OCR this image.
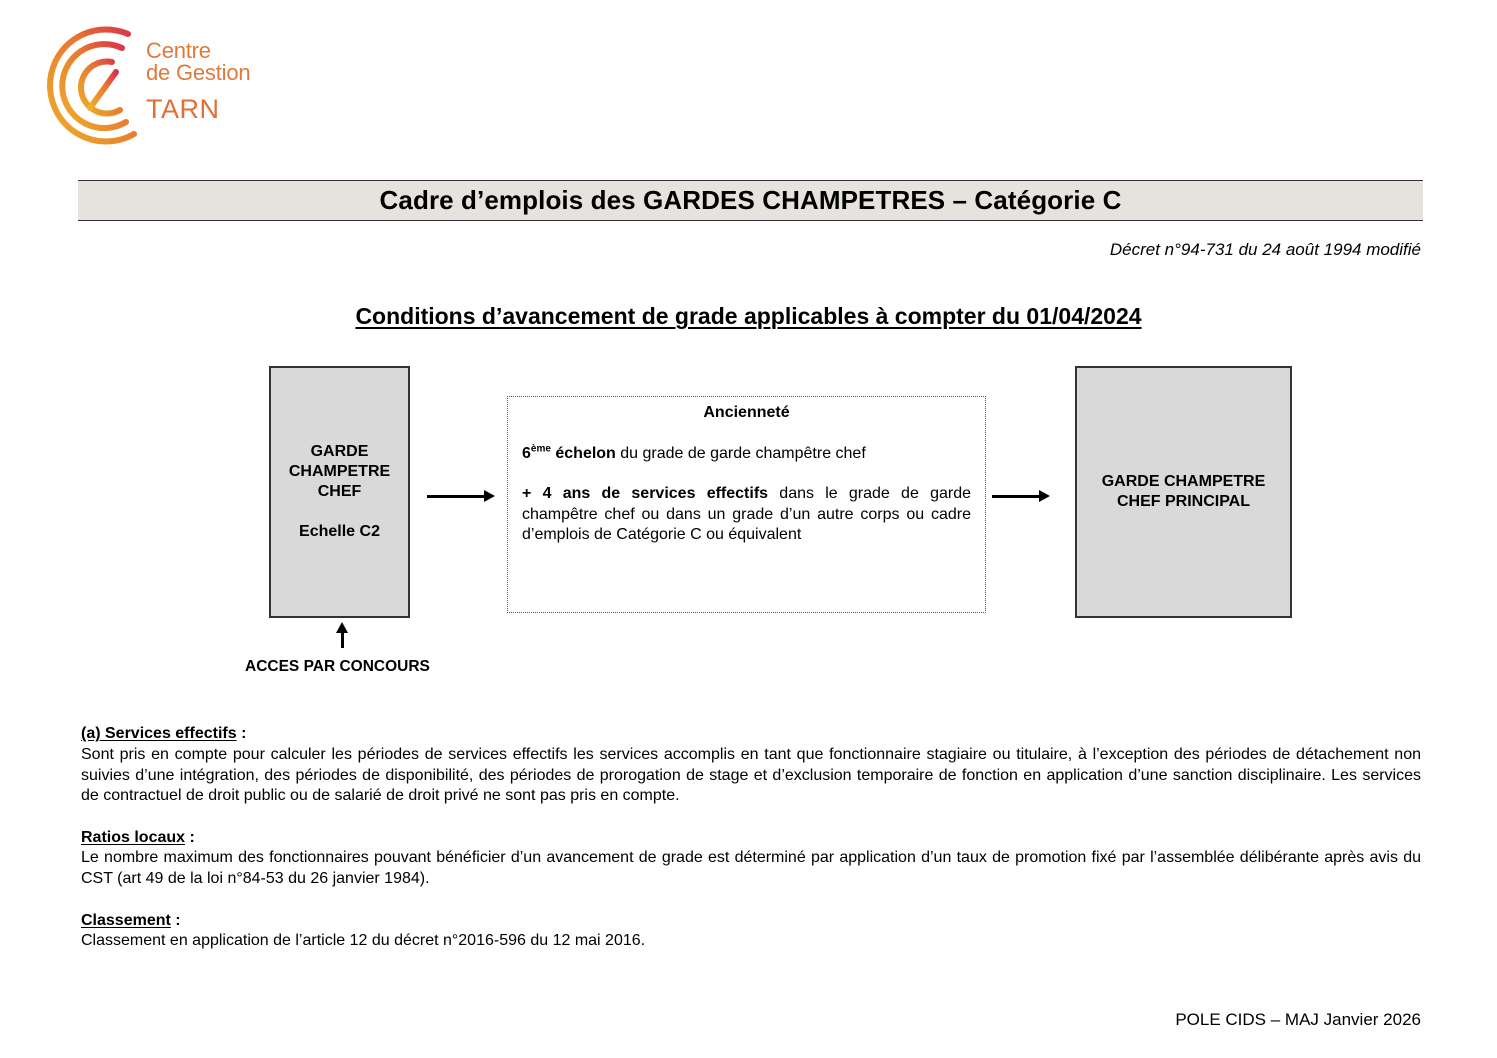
Centre
de Gestion
TARN
Cadre d’emplois des GARDES CHAMPETRES – Catégorie C
Décret n°94-731 du 24 août 1994 modifié
Conditions d’avancement de grade applicables à compter du 01/04/2024
GARDE
CHAMPETRE
CHEF
Echelle C2
Ancienneté
6ème échelon du grade de garde champêtre chef
+ 4 ans de services effectifs dans le grade de garde champêtre chef ou dans un grade d’un autre corps ou cadre d’emplois de Catégorie C ou équivalent
GARDE CHAMPETRE
CHEF PRINCIPAL
ACCES PAR CONCOURS
(a) Services effectifs :
Sont pris en compte pour calculer les périodes de services effectifs les services accomplis en tant que fonctionnaire stagiaire ou titulaire, à l’exception des périodes de détachement non suivies d’une intégration, des périodes de disponibilité, des périodes de prorogation de stage et d’exclusion temporaire de fonction en application d’une sanction disciplinaire. Les services de contractuel de droit public ou de salarié de droit privé ne sont pas pris en compte.
Ratios locaux :
Le nombre maximum des fonctionnaires pouvant bénéficier d’un avancement de grade est déterminé par application d’un taux de promotion fixé par l’assemblée délibérante après avis du CST (art 49 de la loi n°84-53 du 26 janvier 1984).
Classement :
Classement en application de l’article 12 du décret n°2016-596 du 12 mai 2016.
POLE CIDS – MAJ Janvier 2026
